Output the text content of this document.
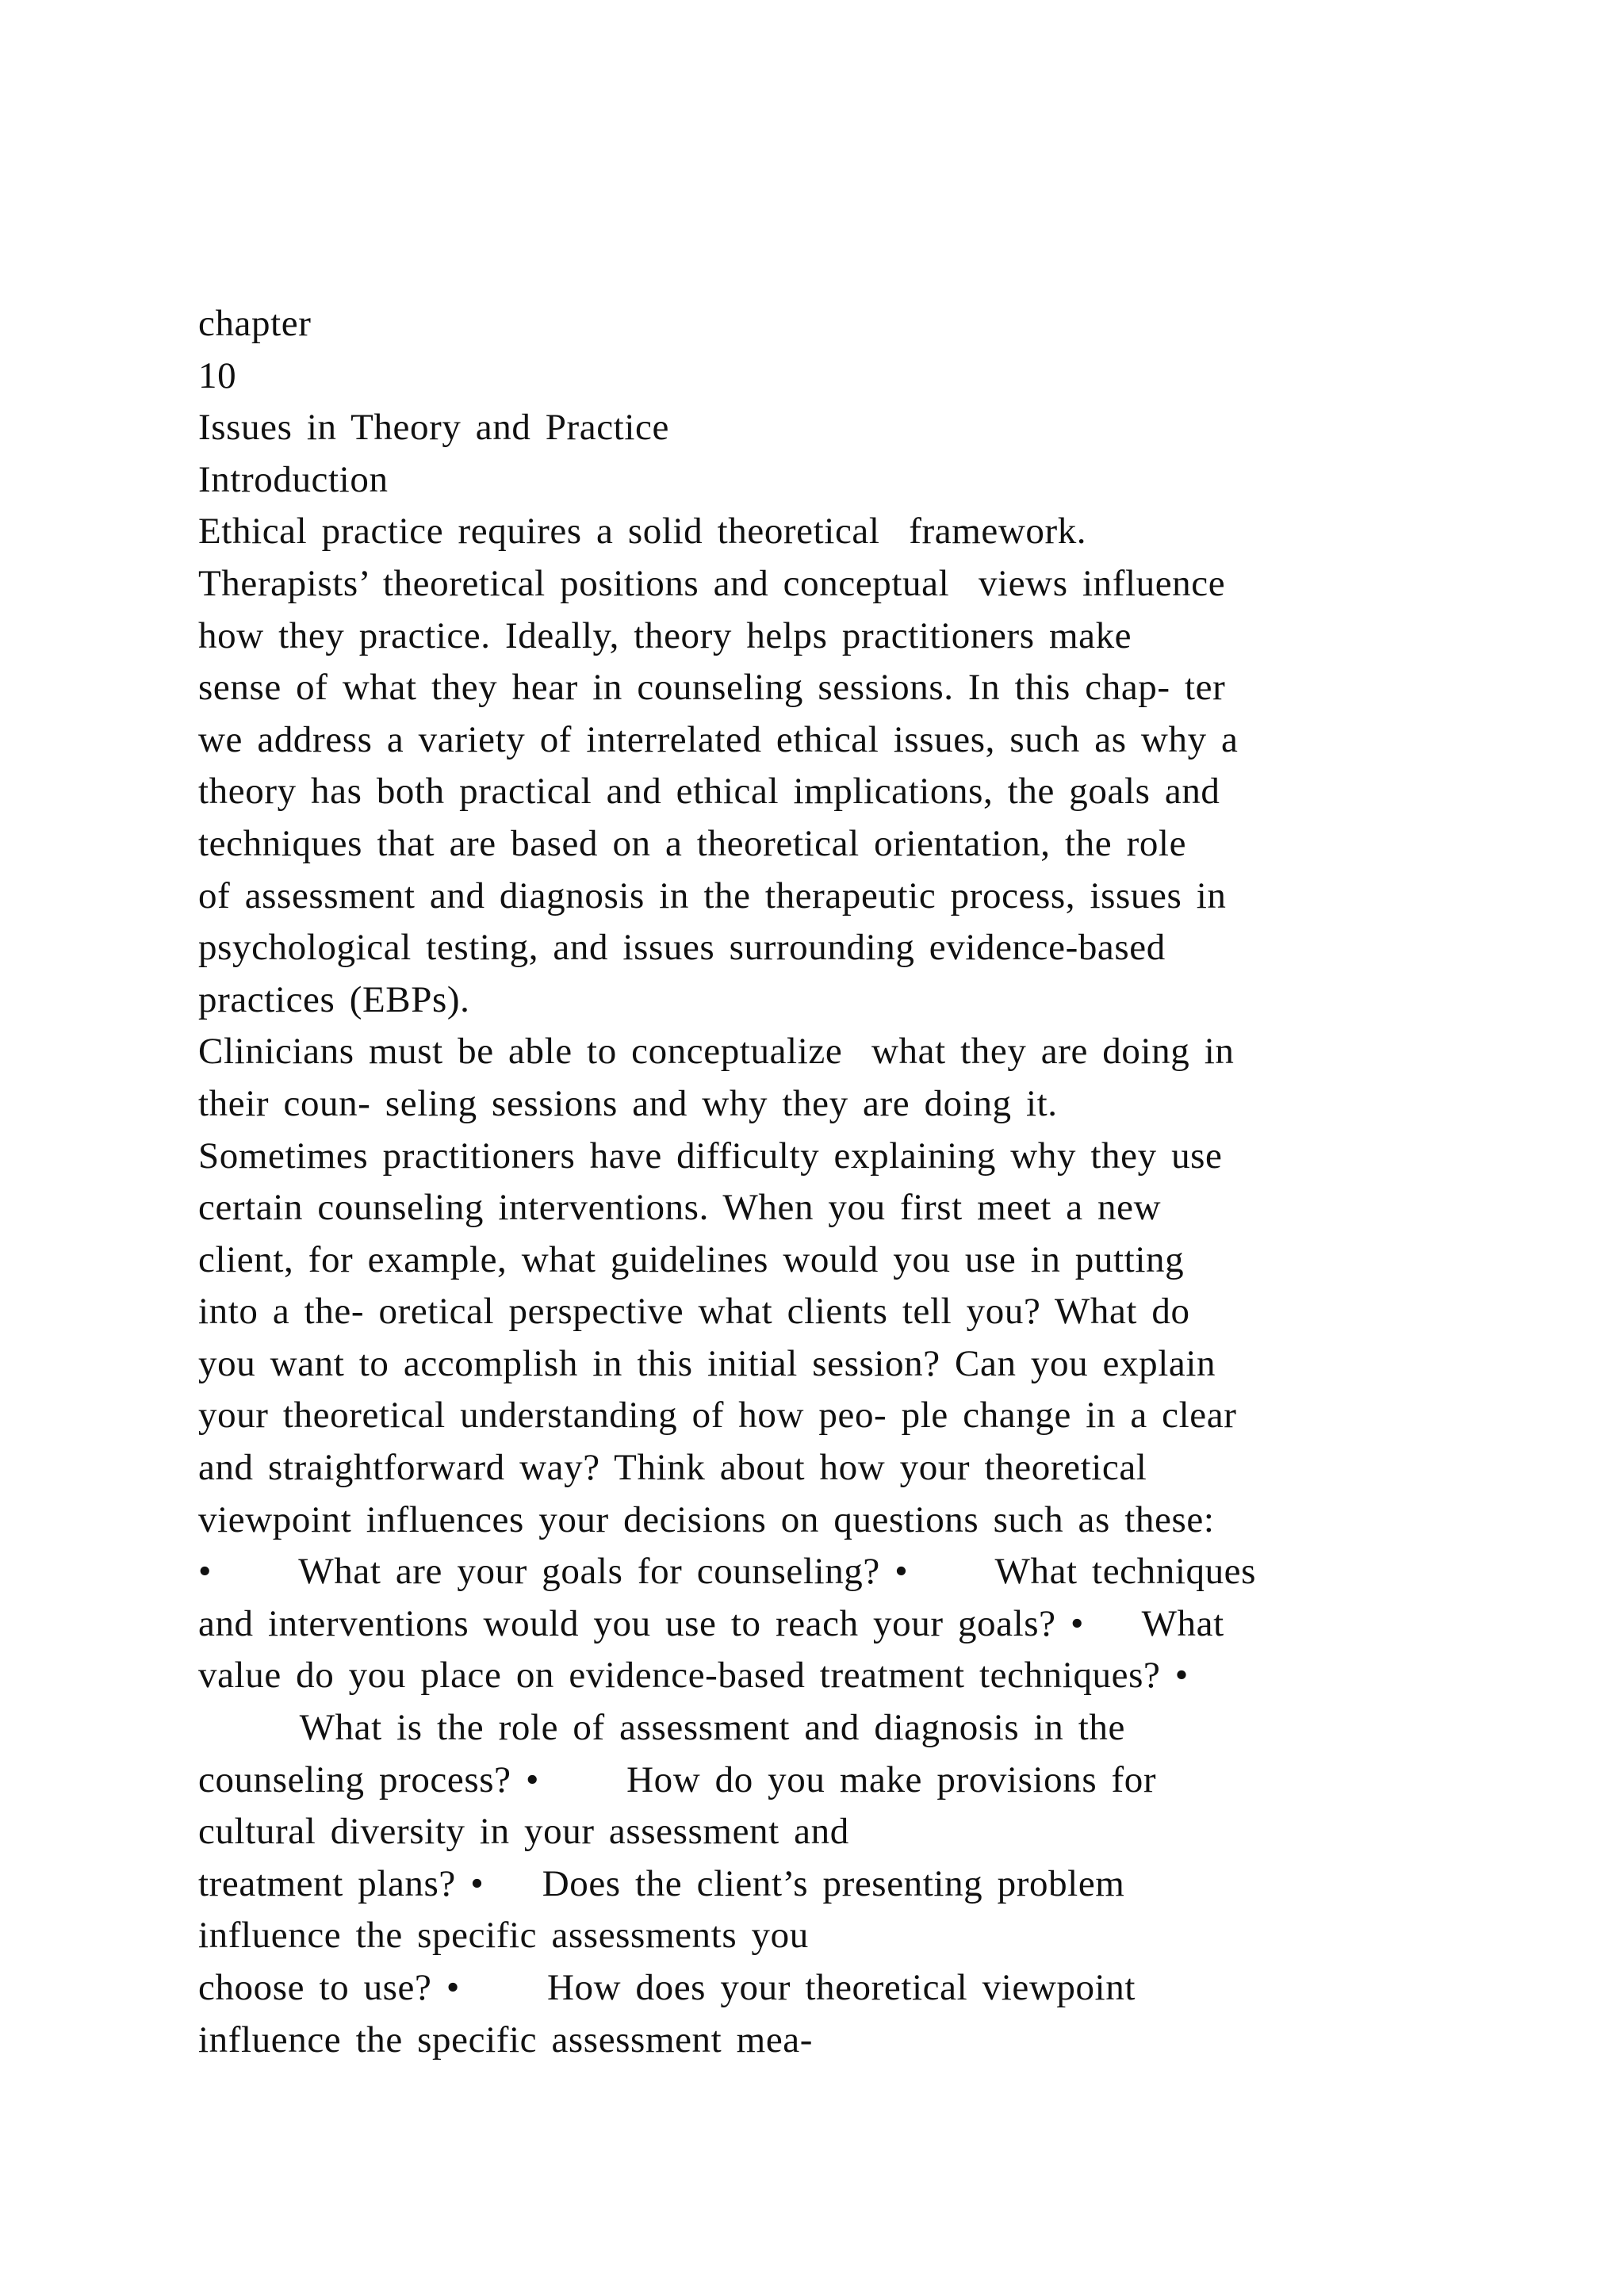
chapter
10
Issues in Theory and Practice
Introduction
Ethical practice requires a solid theoretical  framework.
Therapists’ theoretical positions and conceptual  views influence
how they practice. Ideally, theory helps practitioners make
sense of what they hear in counseling sessions. In this chap- ter
we address a variety of interrelated ethical issues, such as why a
theory has both practical and ethical implications, the goals and
techniques that are based on a theoretical orientation, the role
of assessment and diagnosis in the therapeutic process, issues in
psychological testing, and issues surrounding evidence-based
practices (EBPs).
Clinicians must be able to conceptualize  what they are doing in
their coun- seling sessions and why they are doing it.
Sometimes practitioners have difficulty explaining why they use
certain counseling interventions. When you first meet a new
client, for example, what guidelines would you use in putting
into a the- oretical perspective what clients tell you? What do
you want to accomplish in this initial session? Can you explain
your theoretical understanding of how peo- ple change in a clear
and straightforward way? Think about how your theoretical
viewpoint influences your decisions on questions such as these:
•      What are your goals for counseling? •      What techniques
and interventions would you use to reach your goals? •    What
value do you place on evidence-based treatment techniques? •
What is the role of assessment and diagnosis in the
counseling process? •      How do you make provisions for
cultural diversity in your assessment and
treatment plans? •    Does the client’s presenting problem
influence the specific assessments you
choose to use? •      How does your theoretical viewpoint
influence the specific assessment mea-
